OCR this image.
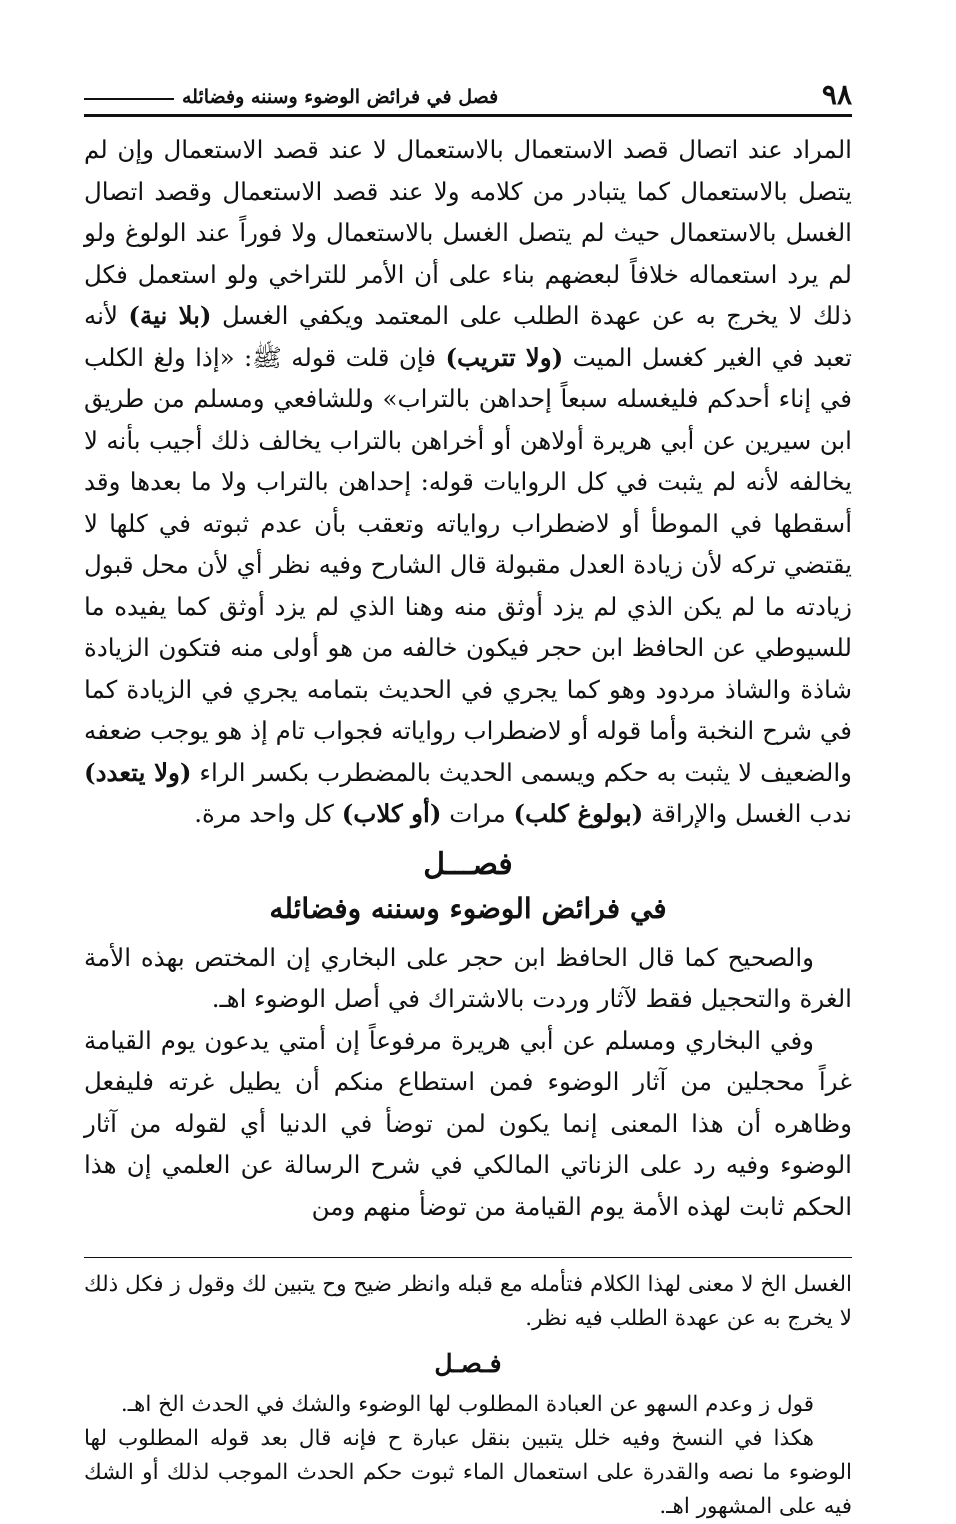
٩٨
فصل في فرائض الوضوء وسننه وفضائله

المراد عند اتصال قصد الاستعمال بالاستعمال لا عند قصد الاستعمال وإن لم يتصل بالاستعمال كما يتبادر من كلامه ولا عند قصد الاستعمال وقصد اتصال الغسل بالاستعمال حيث لم يتصل الغسل بالاستعمال ولا فوراً عند الولوغ ولو لم يرد استعماله خلافاً لبعضهم بناء على أن الأمر للتراخي ولو استعمل فكل ذلك لا يخرج به عن عهدة الطلب على المعتمد ويكفي الغسل (بلا نية) لأنه تعبد في الغير كغسل الميت (ولا تتريب) فإن قلت قوله ﷺ: «إذا ولغ الكلب في إناء أحدكم فليغسله سبعاً إحداهن بالتراب» وللشافعي ومسلم من طريق ابن سيرين عن أبي هريرة أولاهن أو أخراهن بالتراب يخالف ذلك أجيب بأنه لا يخالفه لأنه لم يثبت في كل الروايات قوله: إحداهن بالتراب ولا ما بعدها وقد أسقطها في الموطأ أو لاضطراب رواياته وتعقب بأن عدم ثبوته في كلها لا يقتضي تركه لأن زيادة العدل مقبولة قال الشارح وفيه نظر أي لأن محل قبول زيادته ما لم يكن الذي لم يزد أوثق منه وهنا الذي لم يزد أوثق كما يفيده ما للسيوطي عن الحافظ ابن حجر فيكون خالفه من هو أولى منه فتكون الزيادة شاذة والشاذ مردود وهو كما يجري في الحديث بتمامه يجري في الزيادة كما في شرح النخبة وأما قوله أو لاضطراب رواياته فجواب تام إذ هو يوجب ضعفه والضعيف لا يثبت به حكم ويسمى الحديث بالمضطرب بكسر الراء (ولا يتعدد) ندب الغسل والإراقة (بولوغ كلب) مرات (أو كلاب) كل واحد مرة.

فصـــل
في فرائض الوضوء وسننه وفضائله

والصحيح كما قال الحافظ ابن حجر على البخاري إن المختص بهذه الأمة الغرة والتحجيل فقط لآثار وردت بالاشتراك في أصل الوضوء اهـ.

وفي البخاري ومسلم عن أبي هريرة مرفوعاً إن أمتي يدعون يوم القيامة غراً محجلين من آثار الوضوء فمن استطاع منكم أن يطيل غرته فليفعل وظاهره أن هذا المعنى إنما يكون لمن توضأ في الدنيا أي لقوله من آثار الوضوء وفيه رد على الزناتي المالكي في شرح الرسالة عن العلمي إن هذا الحكم ثابت لهذه الأمة يوم القيامة من توضأ منهم ومن

الغسل الخ لا معنى لهذا الكلام فتأمله مع قبله وانظر ضيح وح يتبين لك وقول ز فكل ذلك لا يخرج به عن عهدة الطلب فيه نظر.

فـصـل

قول ز وعدم السهو عن العبادة المطلوب لها الوضوء والشك في الحدث الخ اهـ.

هكذا في النسخ وفيه خلل يتبين بنقل عبارة ح فإنه قال بعد قوله المطلوب لها الوضوء ما نصه والقدرة على استعمال الماء ثبوت حكم الحدث الموجب لذلك أو الشك فيه على المشهور اهـ.
